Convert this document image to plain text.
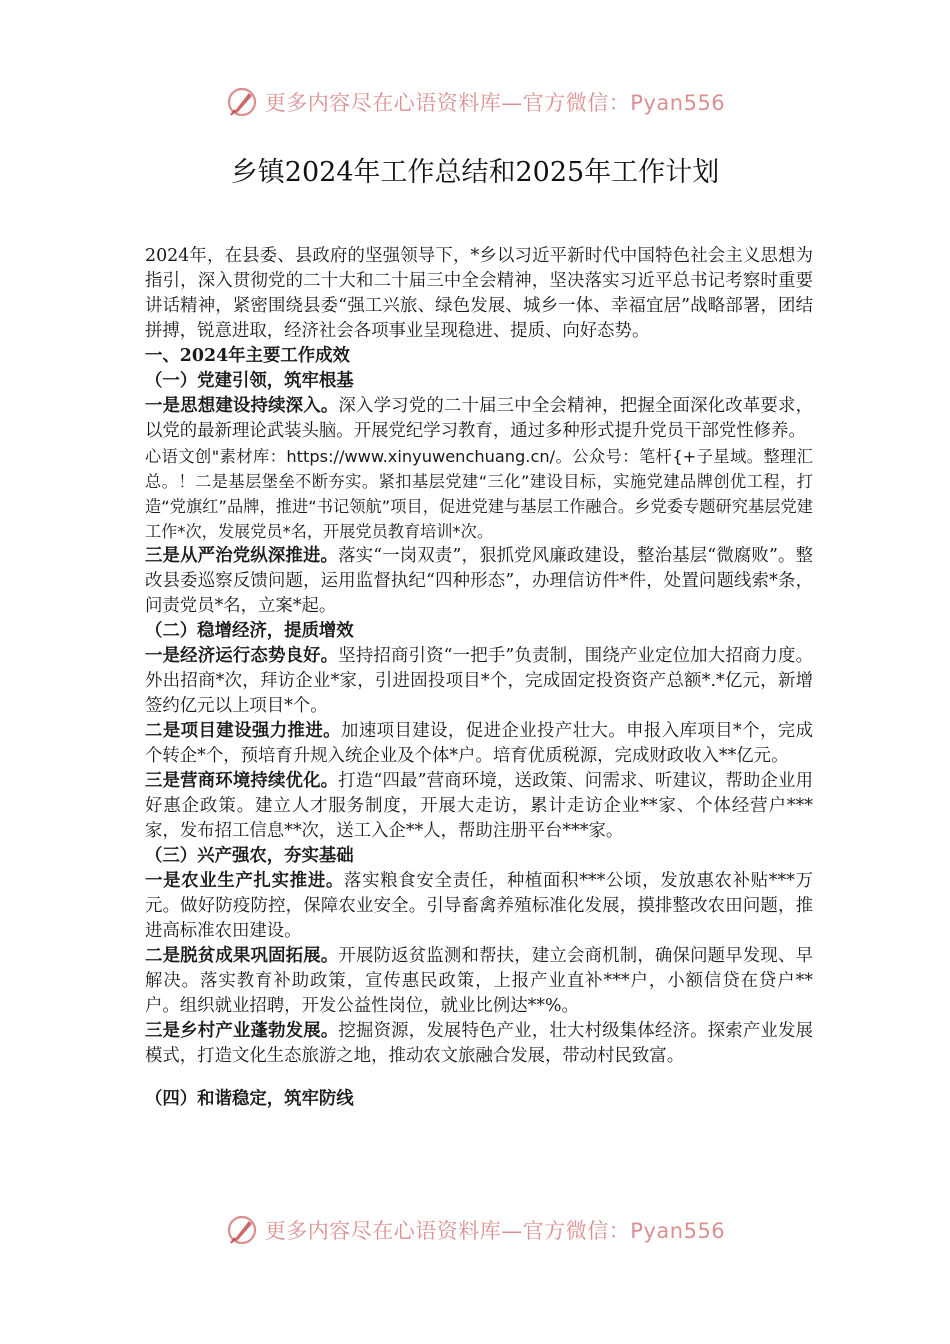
更多内容尽在心语资料库—官方微信：Pyan556
乡镇2024年工作总结和2025年工作计划

2024年，在县委、县政府的坚强领导下，*乡以习近平新时代中国特色社会主义思想为指引，深入贯彻党的二十大和二十届三中全会精神，坚决落实习近平总书记考察时重要讲话精神，紧密围绕县委“强工兴旅、绿色发展、城乡一体、幸福宜居”战略部署，团结拼搏，锐意进取，经济社会各项事业呈现稳进、提质、向好态势。

一、2024年主要工作成效

（一）党建引领，筑牢根基

一是思想建设持续深入。深入学习党的二十届三中全会精神，把握全面深化改革要求，以党的最新理论武装头脑。开展党纪学习教育，通过多种形式提升党员干部党性修养。

心语文创"素材库：https://www.xinyuwenchuang.cn/。公众号：笔杆{+子星域。整理汇总。！二是基层堡垒不断夯实。紧扣基层党建“三化”建设目标，实施党建品牌创优工程，打造“党旗红”品牌，推进“书记领航”项目，促进党建与基层工作融合。乡党委专题研究基层党建工作*次，发展党员*名，开展党员教育培训*次。

三是从严治党纵深推进。落实“一岗双责”，狠抓党风廉政建设，整治基层“微腐败”。整改县委巡察反馈问题，运用监督执纪“四种形态”，办理信访件*件，处置问题线索*条，问责党员*名，立案*起。

（二）稳增经济，提质增效

一是经济运行态势良好。坚持招商引资“一把手”负责制，围绕产业定位加大招商力度。外出招商*次，拜访企业*家，引进固投项目*个，完成固定投资资产总额*.*亿元，新增签约亿元以上项目*个。

二是项目建设强力推进。加速项目建设，促进企业投产壮大。申报入库项目*个，完成个转企*个，预培育升规入统企业及个体*户。培育优质税源，完成财政收入**亿元。

三是营商环境持续优化。打造“四最”营商环境，送政策、问需求、听建议，帮助企业用好惠企政策。建立人才服务制度，开展大走访，累计走访企业**家、个体经营户***家，发布招工信息**次，送工入企**人，帮助注册平台***家。

（三）兴产强农，夯实基础

一是农业生产扎实推进。落实粮食安全责任，种植面积***公顷，发放惠农补贴***万元。做好防疫防控，保障农业安全。引导畜禽养殖标准化发展，摸排整改农田问题，推进高标准农田建设。

二是脱贫成果巩固拓展。开展防返贫监测和帮扶，建立会商机制，确保问题早发现、早解决。落实教育补助政策，宣传惠民政策，上报产业直补***户，小额信贷在贷户**户。组织就业招聘，开发公益性岗位，就业比例达**%。

三是乡村产业蓬勃发展。挖掘资源，发展特色产业，壮大村级集体经济。探索产业发展模式，打造文化生态旅游之地，推动农文旅融合发展，带动村民致富。

（四）和谐稳定，筑牢防线

更多内容尽在心语资料库—官方微信：Pyan556
